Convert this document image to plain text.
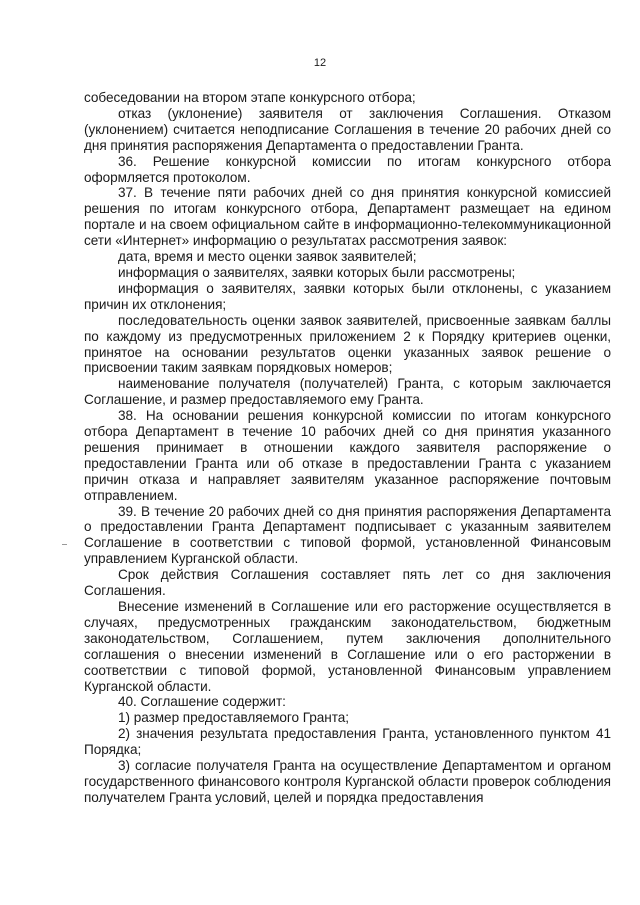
12

собеседовании на втором этапе конкурсного отбора;

отказ (уклонение) заявителя от заключения Соглашения. Отказом (уклонением) считается неподписание Соглашения в течение 20 рабочих дней со дня принятия распоряжения Департамента о предоставлении Гранта.

36. Решение конкурсной комиссии по итогам конкурсного отбора оформляется протоколом.

37. В течение пяти рабочих дней со дня принятия конкурсной комиссией решения по итогам конкурсного отбора, Департамент размещает на едином портале и на своем официальном сайте в информационно-телекоммуникационной сети «Интернет» информацию о результатах рассмотрения заявок:

дата, время и место оценки заявок заявителей;

информация о заявителях, заявки которых были рассмотрены;

информация о заявителях, заявки которых были отклонены, с указанием причин их отклонения;

последовательность оценки заявок заявителей, присвоенные заявкам баллы по каждому из предусмотренных приложением 2 к Порядку критериев оценки, принятое на основании результатов оценки указанных заявок решение о присвоении таким заявкам порядковых номеров;

наименование получателя (получателей) Гранта, с которым заключается Соглашение, и размер предоставляемого ему Гранта.

38. На основании решения конкурсной комиссии по итогам конкурсного отбора Департамент в течение 10 рабочих дней со дня принятия указанного решения принимает в отношении каждого заявителя распоряжение о предоставлении Гранта или об отказе в предоставлении Гранта с указанием причин отказа и направляет заявителям указанное распоряжение почтовым отправлением.

39. В течение 20 рабочих дней со дня принятия распоряжения Департамента о предоставлении Гранта Департамент подписывает с указанным заявителем Соглашение в соответствии с типовой формой, установленной Финансовым управлением Курганской области.

Срок действия Соглашения составляет пять лет со дня заключения Соглашения.

Внесение изменений в Соглашение или его расторжение осуществляется в случаях, предусмотренных гражданским законодательством, бюджетным законодательством, Соглашением, путем заключения дополнительного соглашения о внесении изменений в Соглашение или о его расторжении в соответствии с типовой формой, установленной Финансовым управлением Курганской области.

40. Соглашение содержит:

1) размер предоставляемого Гранта;

2) значения результата предоставления Гранта, установленного пунктом 41 Порядка;

3) согласие получателя Гранта на осуществление Департаментом и органом государственного финансового контроля Курганской области проверок соблюдения получателем Гранта условий, целей и порядка предоставления
